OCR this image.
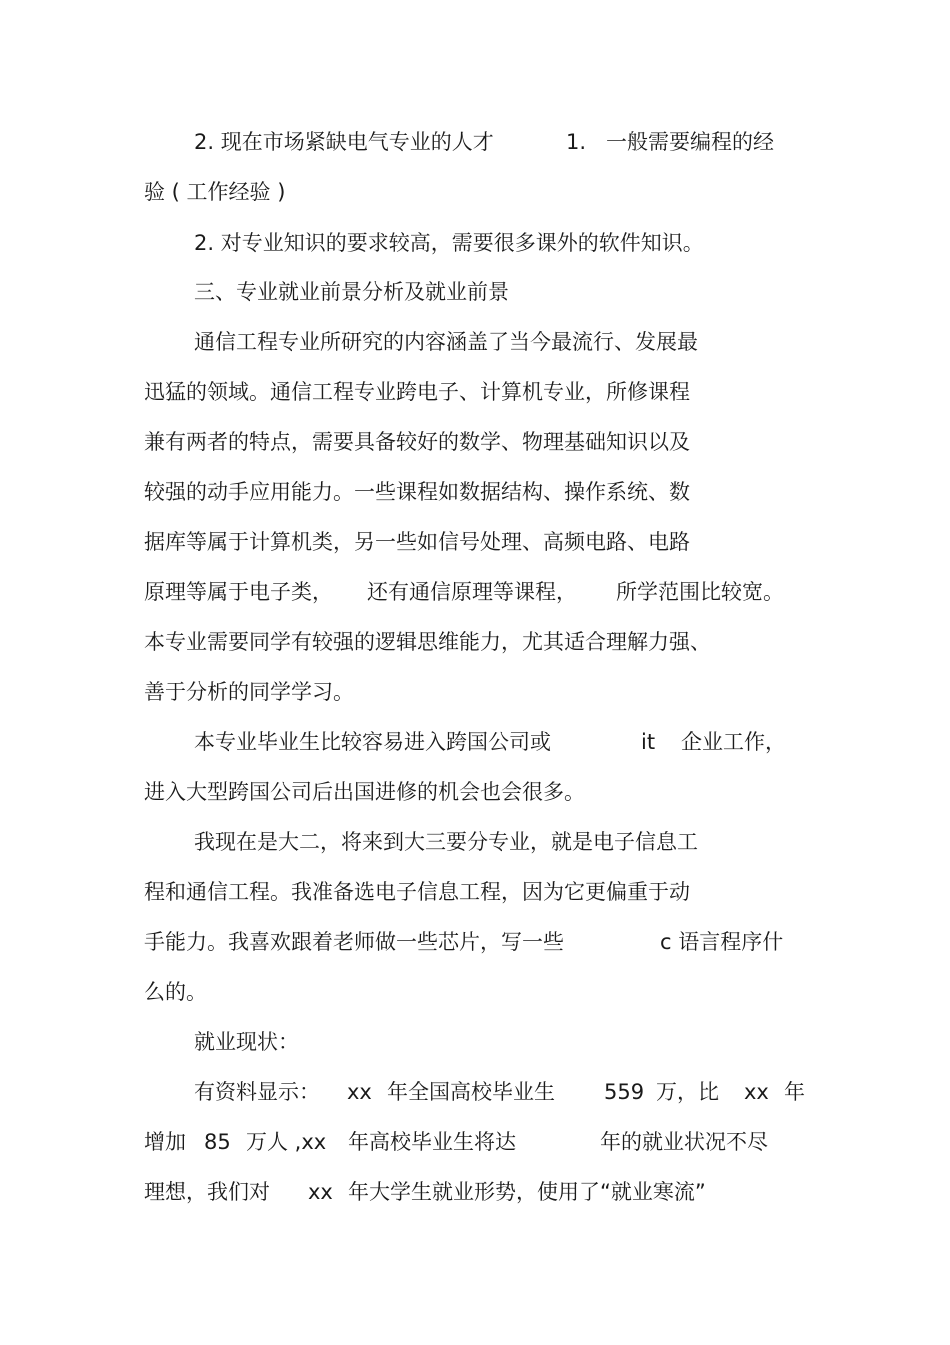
2. 现在市场紧缺电气专业的人才	1. 一般需要编程的经
验 ( 工作经验 )
2. 对专业知识的要求较高，需要很多课外的软件知识。
三、专业就业前景分析及就业前景
通信工程专业所研究的内容涵盖了当今最流行、发展最
迅猛的领域。通信工程专业跨电子、计算机专业，所修课程
兼有两者的特点，需要具备较好的数学、物理基础知识以及
较强的动手应用能力。一些课程如数据结构、操作系统、数
据库等属于计算机类，另一些如信号处理、高频电路、电路
原理等属于电子类， 还有通信原理等课程， 所学范围比较宽。
本专业需要同学有较强的逻辑思维能力，尤其适合理解力强、
善于分析的同学学习。
本专业毕业生比较容易进入跨国公司或	it 企业工作，
进入大型跨国公司后出国进修的机会也会很多。
我现在是大二，将来到大三要分专业，就是电子信息工
程和通信工程。我准备选电子信息工程，因为它更偏重于动
手能力。我喜欢跟着老师做一些芯片，写一些	c 语言程序什
么的。
就业现状：
有资料显示： xx 年全国高校毕业生 559 万，比 xx 年
增加 85 万人 ,xx 年高校毕业生将达	年的就业状况不尽
理想，我们对 xx 年大学生就业形势，使用了“就业寒流”
